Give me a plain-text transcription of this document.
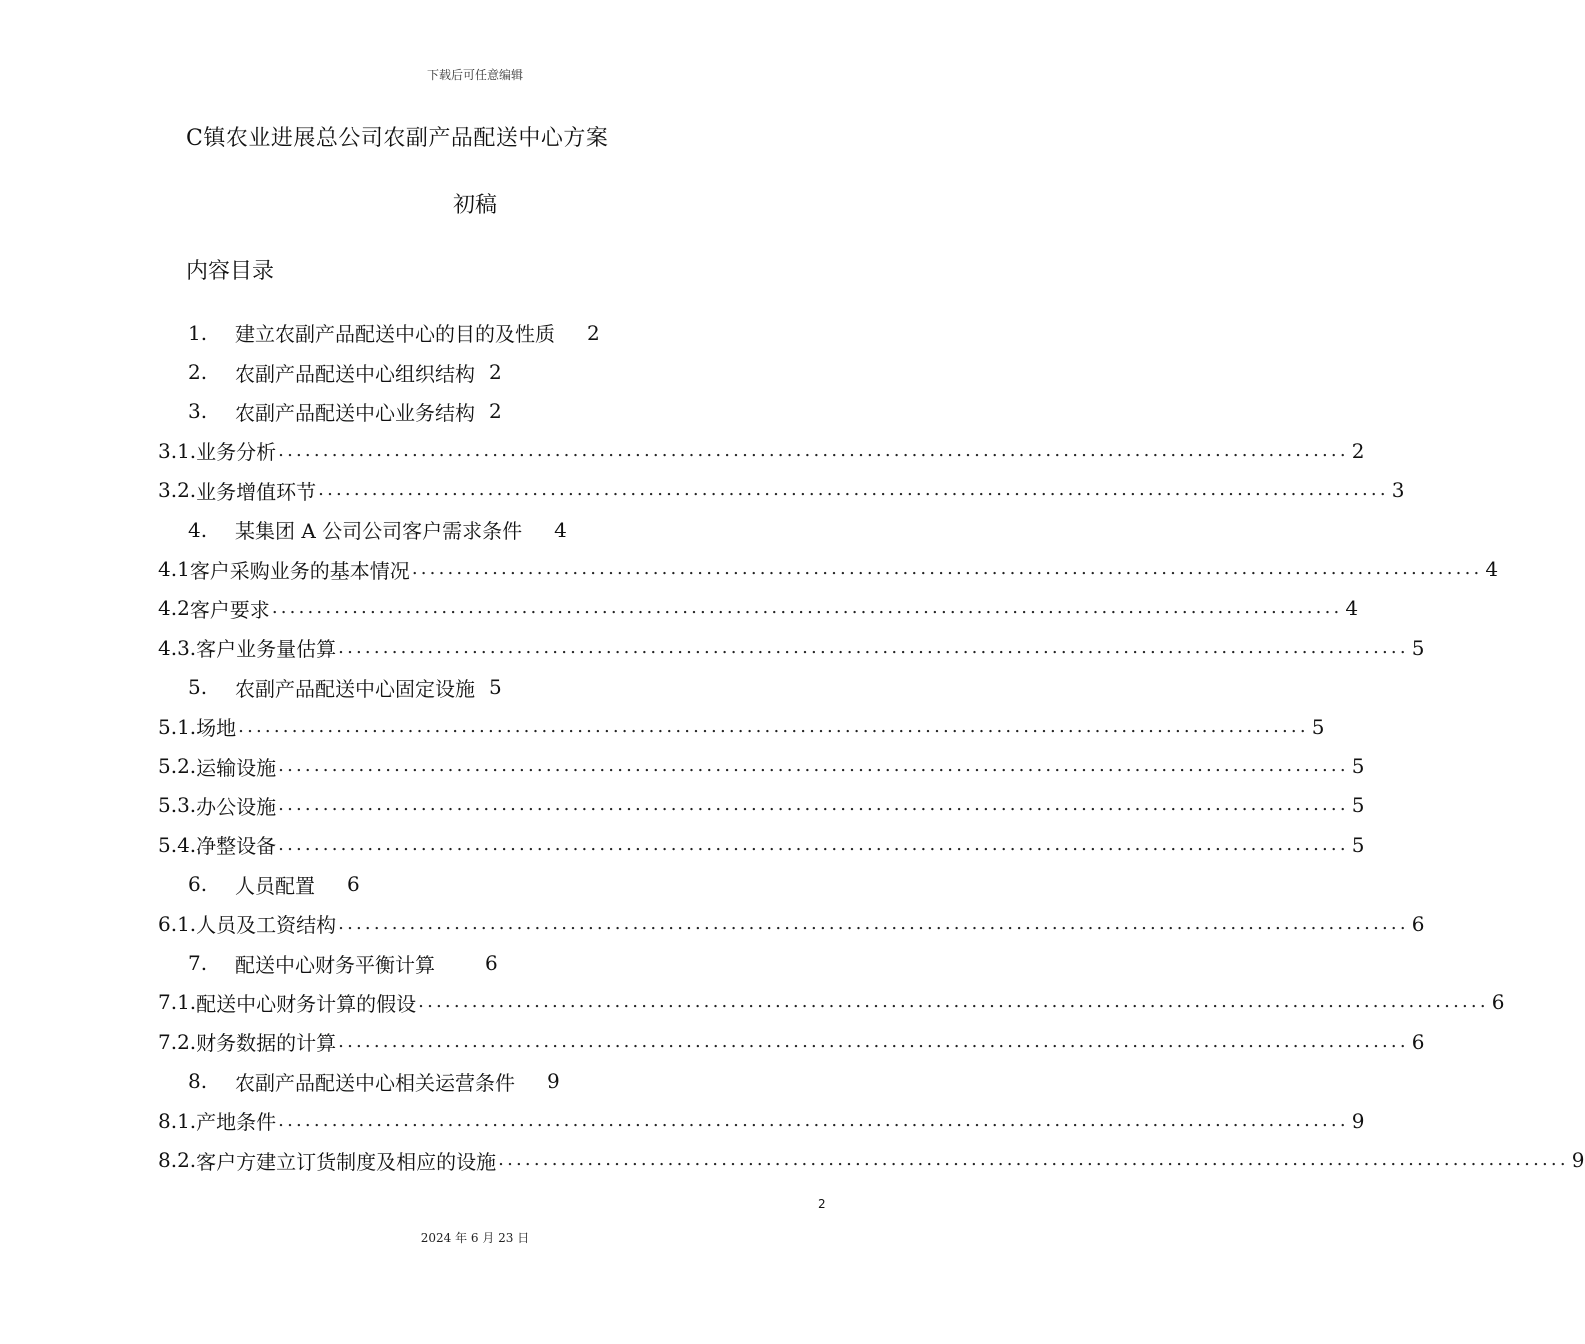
下载后可任意编辑
C镇农业进展总公司农副产品配送中心方案
初稿
内容目录
1.	建立农副产品配送中心的目的及性质 2
2.	农副产品配送中心组织结构 2
3.	农副产品配送中心业务结构 2
3.1. 业务分析 ........................................................................................................................ 2
3.2. 业务增值环节 ........................................................................................................................ 3
4.	某集团 A 公司公司客户需求条件 4
4.1 客户采购业务的基本情况 ........................................................................................................................ 4
4.2 客户要求 ........................................................................................................................ 4
4.3. 客户业务量估算 ........................................................................................................................ 5
5.	农副产品配送中心固定设施 5
5.1. 场地 ........................................................................................................................ 5
5.2. 运输设施 ........................................................................................................................ 5
5.3. 办公设施 ........................................................................................................................ 5
5.4. 净整设备 ........................................................................................................................ 5
6.	人员配置 6
6.1. 人员及工资结构 ........................................................................................................................ 6
7.	配送中心财务平衡计算	6
7.1. 配送中心财务计算的假设 ........................................................................................................................ 6
7.2. 财务数据的计算 ........................................................................................................................ 6
8.	农副产品配送中心相关运营条件 9
8.1. 产地条件 ........................................................................................................................ 9
8.2. 客户方建立订货制度及相应的设施 ........................................................................................................................ 9
2
2024 年 6 月 23 日
